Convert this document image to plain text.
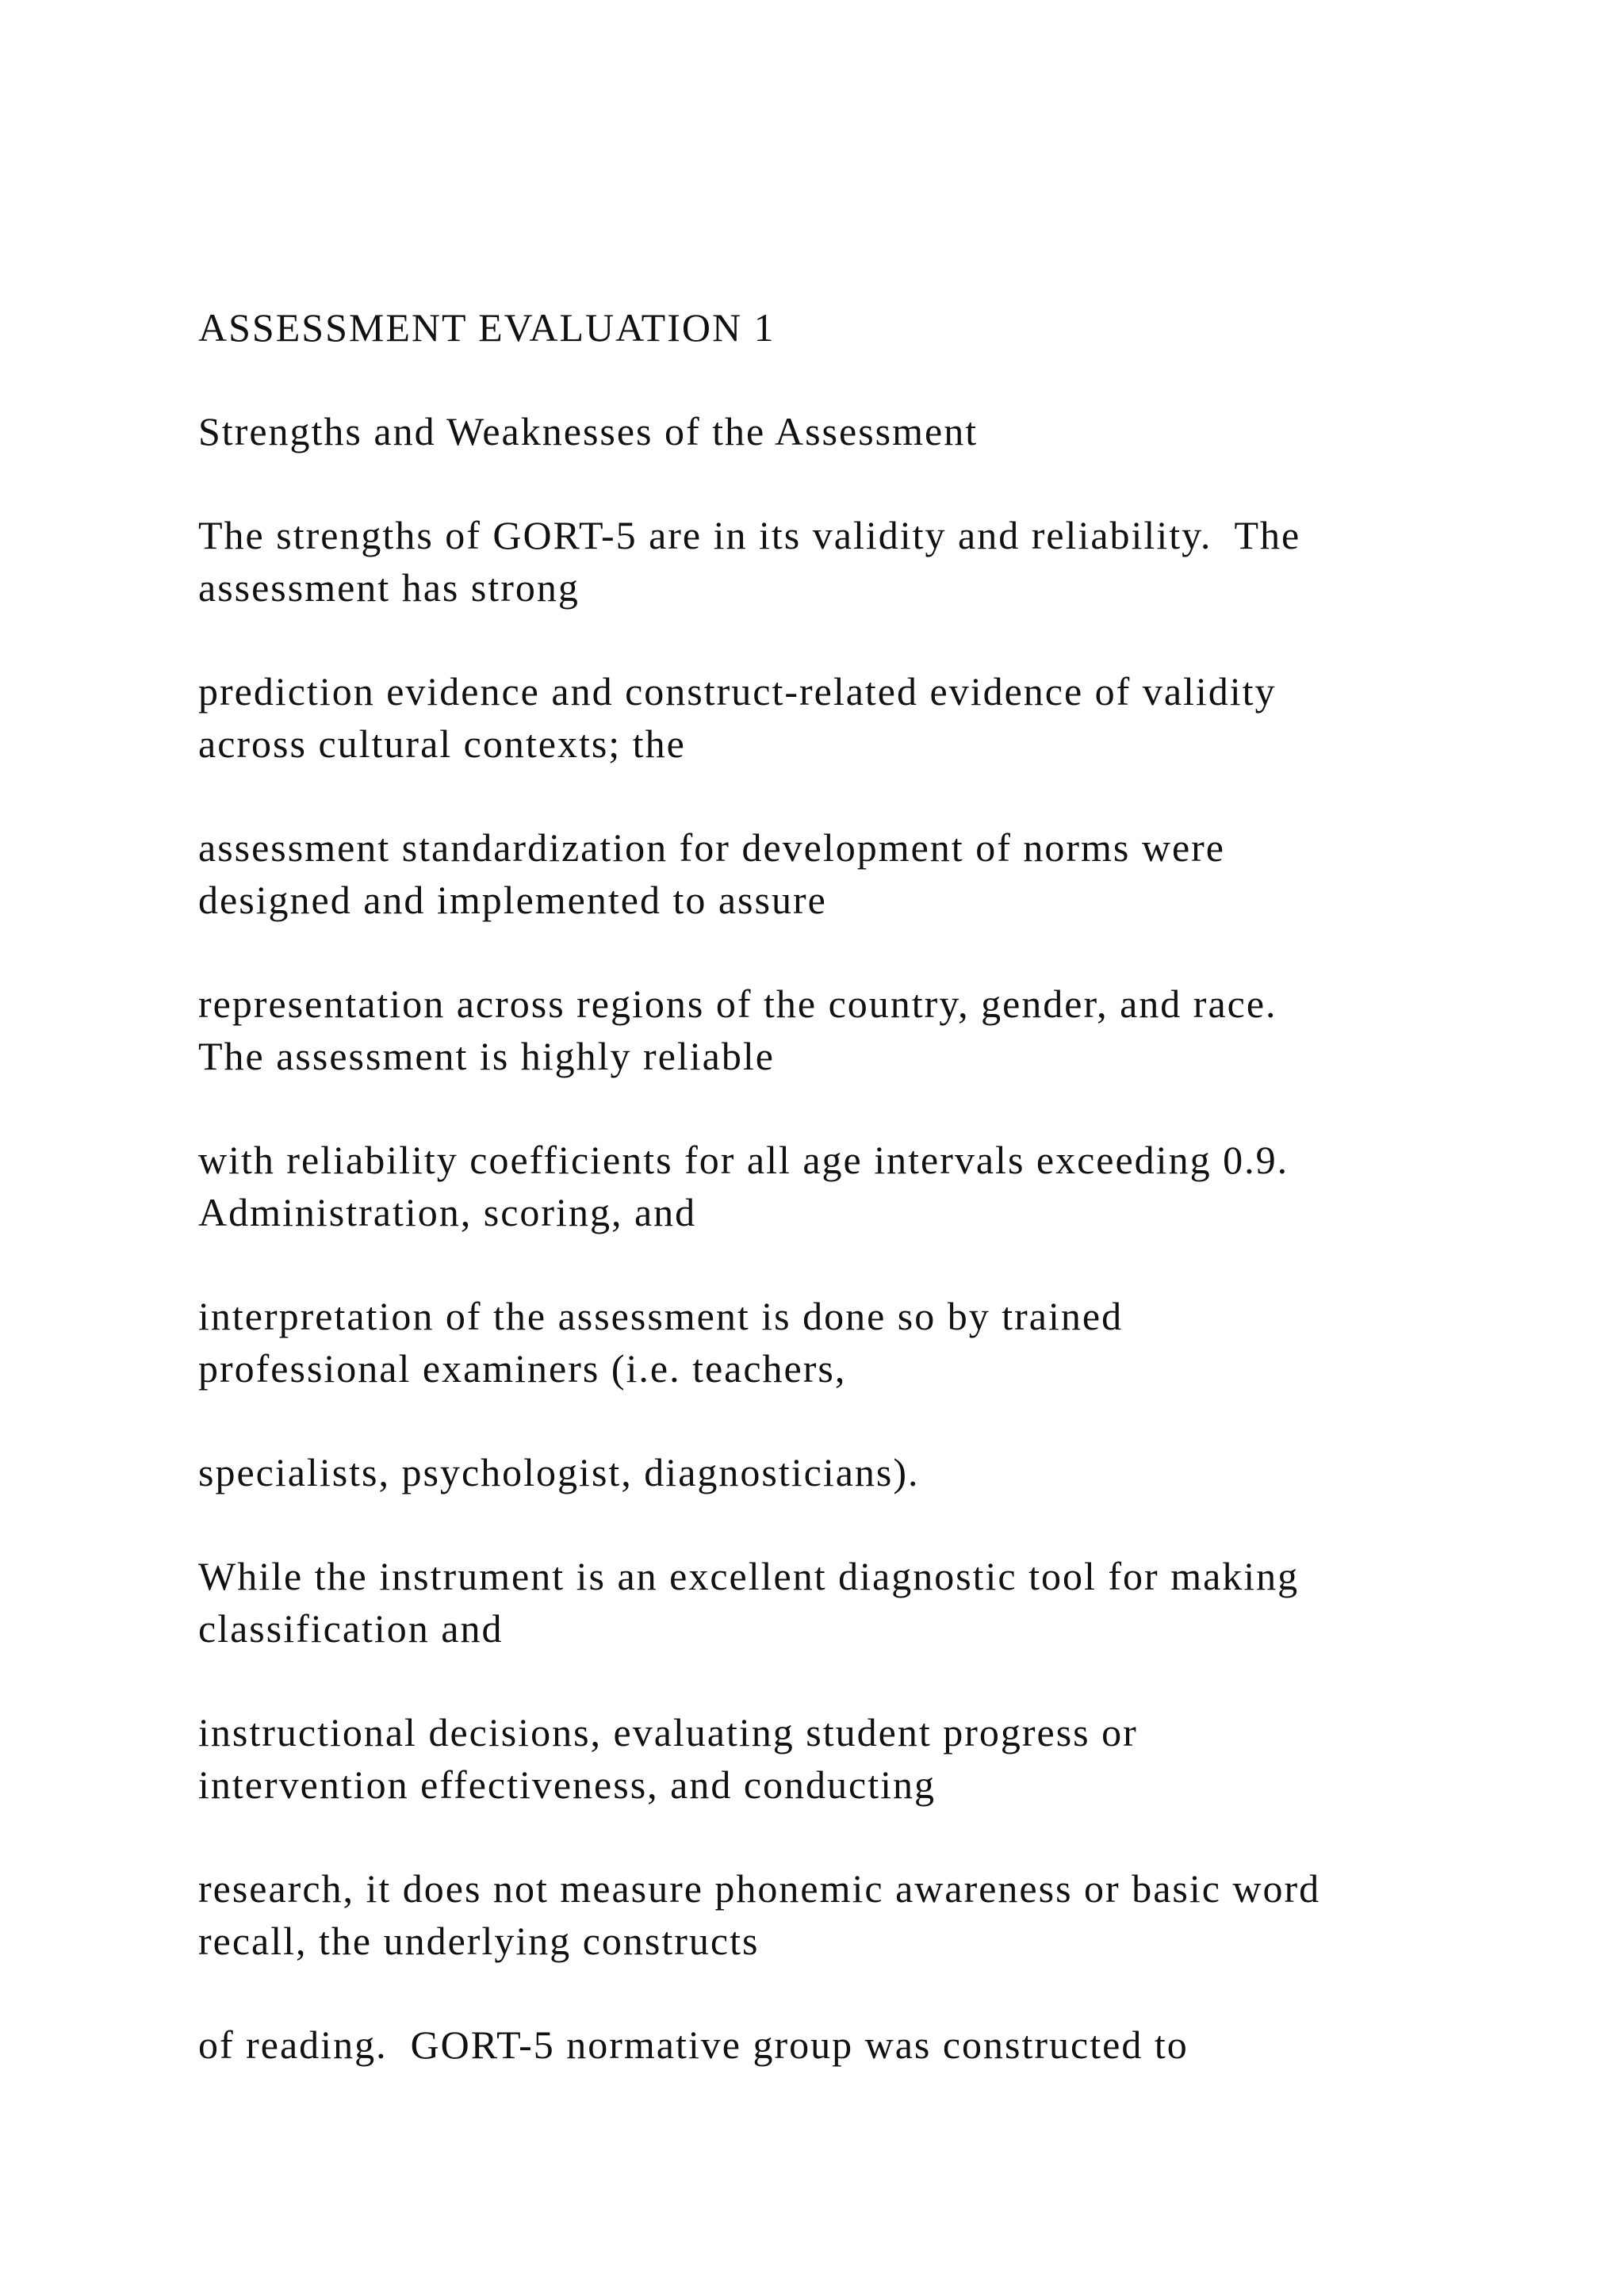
ASSESSMENT EVALUATION 1

Strengths and Weaknesses of the Assessment

The strengths of GORT-5 are in its validity and reliability.  The
assessment has strong

prediction evidence and construct-related evidence of validity
across cultural contexts; the

assessment standardization for development of norms were
designed and implemented to assure

representation across regions of the country, gender, and race.
The assessment is highly reliable

with reliability coefficients for all age intervals exceeding 0.9.
Administration, scoring, and

interpretation of the assessment is done so by trained
professional examiners (i.e. teachers,

specialists, psychologist, diagnosticians).

While the instrument is an excellent diagnostic tool for making
classification and

instructional decisions, evaluating student progress or
intervention effectiveness, and conducting

research, it does not measure phonemic awareness or basic word
recall, the underlying constructs

of reading.  GORT-5 normative group was constructed to
